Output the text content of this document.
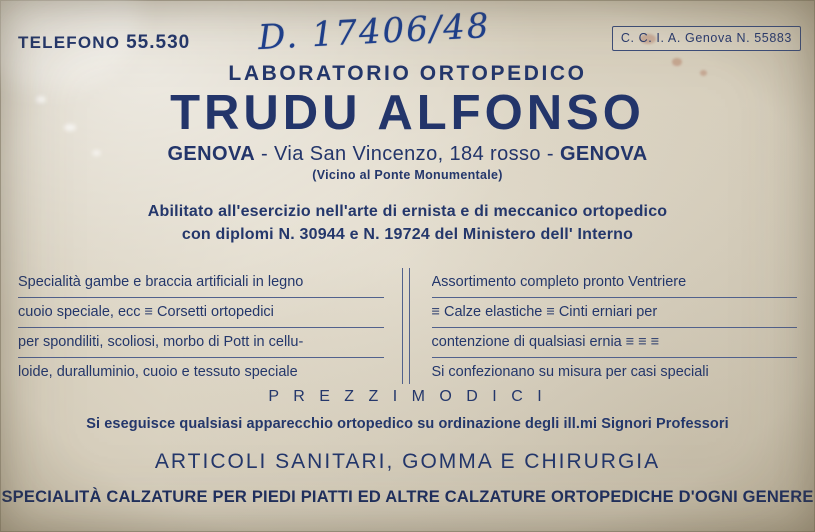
TELEFONO 55.530 D. 17406/48	C. C. I. A. Genova N. 55883
LABORATORIO ORTOPEDICO
TRUDU ALFONSO
GENOVA - Via San Vincenzo, 184 rosso - GENOVA
(Vicino al Ponte Monumentale)
Abilitato all'esercizio nell'arte di ernista e di meccanico ortopedico
con diplomi N. 30944 e N. 19724 del Ministero dell' Interno
Specialità gambe e braccia artificiali in legno
cuoio speciale, ecc ≡ Corsetti ortopedici
per spondiliti, scoliosi, morbo di Pott in cellu-
loide, duralluminio, cuoio e tessuto speciale
Assortimento completo pronto Ventriere
≡ Calze elastiche ≡ Cinti erniari per
contenzione di qualsiasi ernia ≡ ≡ ≡
Si confezionano su misura per casi speciali
P R E Z Z I M O D I C I
Si eseguisce qualsiasi apparecchio ortopedico su ordinazione degli ill.mi Signori Professori
ARTICOLI SANITARI, GOMMA E CHIRURGIA
SPECIALITÀ CALZATURE PER PIEDI PIATTI ED ALTRE CALZATURE ORTOPEDICHE D'OGNI GENERE
